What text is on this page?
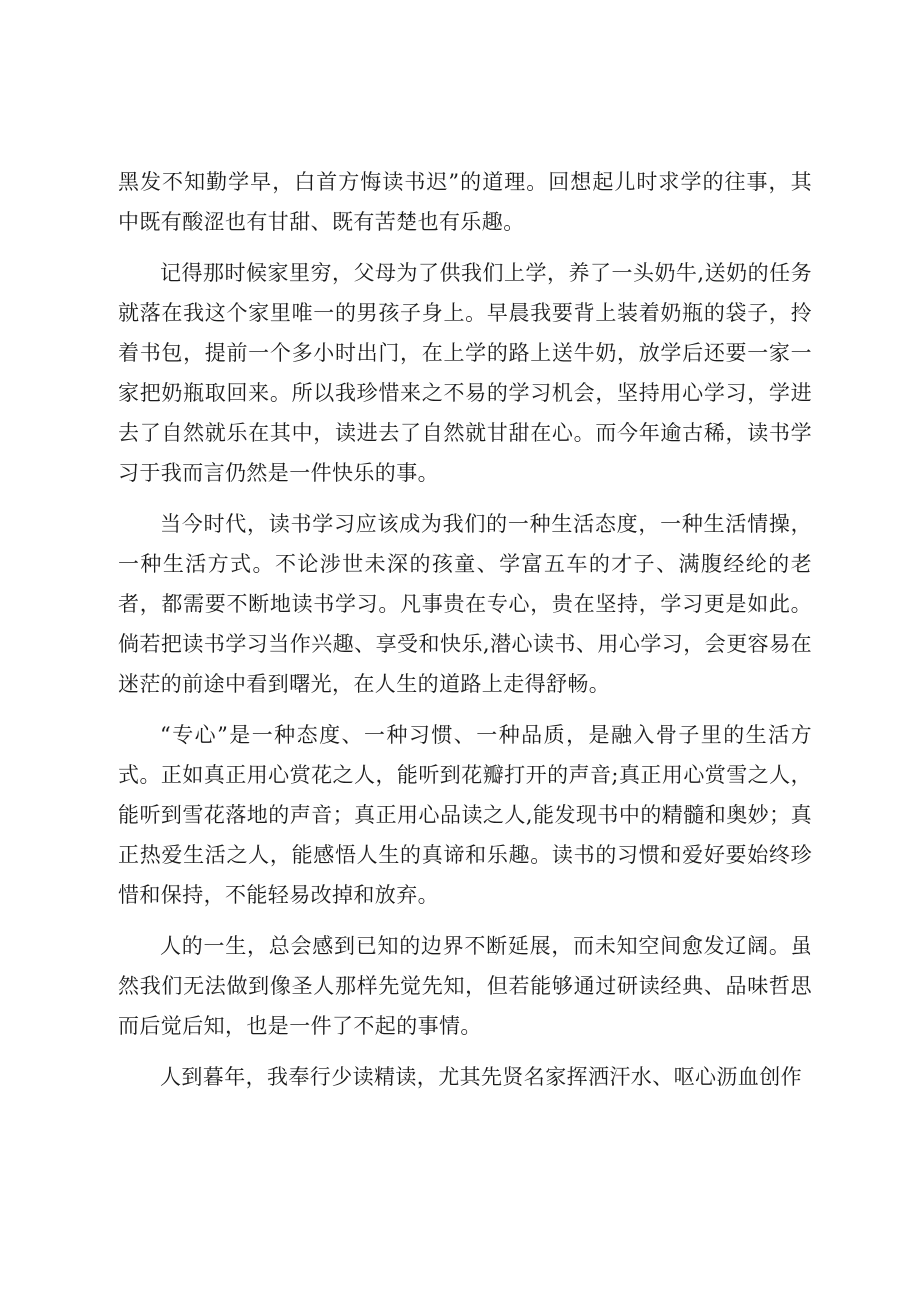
黑发不知勤学早，白首方悔读书迟”的道理。回想起儿时求学的往事，其中既有酸涩也有甘甜、既有苦楚也有乐趣。

记得那时候家里穷，父母为了供我们上学，养了一头奶牛,送奶的任务就落在我这个家里唯一的男孩子身上。早晨我要背上装着奶瓶的袋子，拎着书包，提前一个多小时出门，在上学的路上送牛奶，放学后还要一家一家把奶瓶取回来。所以我珍惜来之不易的学习机会，坚持用心学习，学进去了自然就乐在其中，读进去了自然就甘甜在心。而今年逾古稀，读书学习于我而言仍然是一件快乐的事。

当今时代，读书学习应该成为我们的一种生活态度，一种生活情操，一种生活方式。不论涉世未深的孩童、学富五车的才子、满腹经纶的老者，都需要不断地读书学习。凡事贵在专心，贵在坚持，学习更是如此。倘若把读书学习当作兴趣、享受和快乐,潜心读书、用心学习，会更容易在迷茫的前途中看到曙光，在人生的道路上走得舒畅。

“专心”是一种态度、一种习惯、一种品质，是融入骨子里的生活方式。正如真正用心赏花之人，能听到花瓣打开的声音;真正用心赏雪之人，能听到雪花落地的声音；真正用心品读之人,能发现书中的精髓和奥妙；真正热爱生活之人，能感悟人生的真谛和乐趣。读书的习惯和爱好要始终珍惜和保持，不能轻易改掉和放弃。

人的一生，总会感到已知的边界不断延展，而未知空间愈发辽阔。虽然我们无法做到像圣人那样先觉先知，但若能够通过研读经典、品味哲思而后觉后知，也是一件了不起的事情。

人到暮年，我奉行少读精读，尤其先贤名家挥洒汗水、呕心沥血创作
